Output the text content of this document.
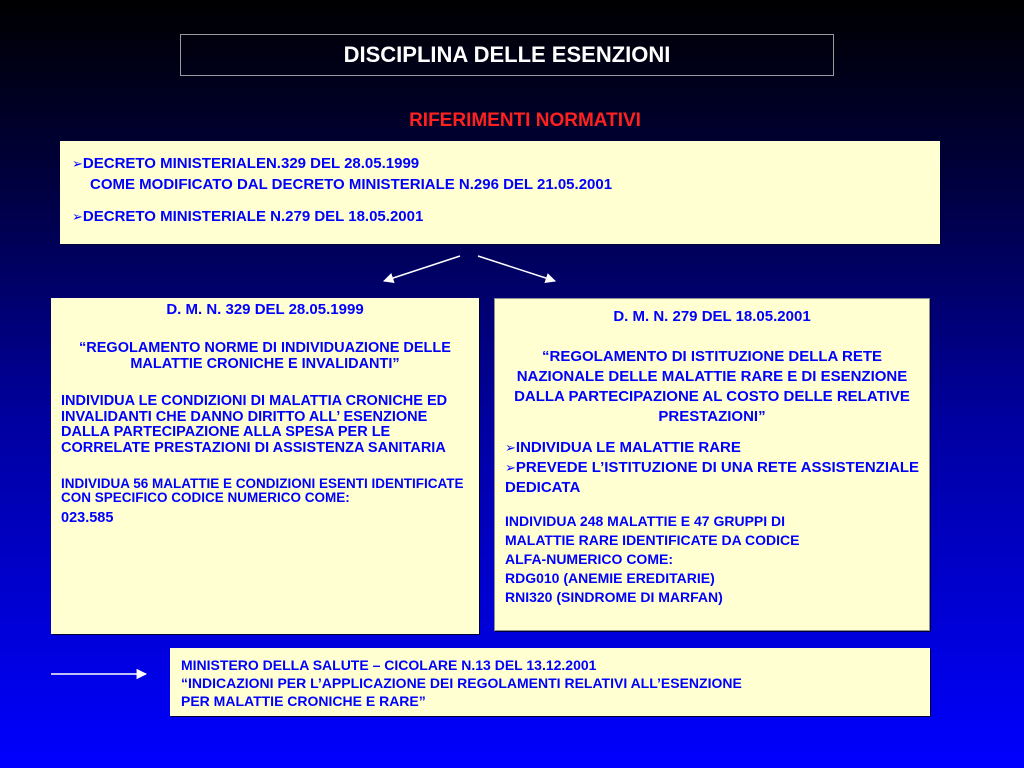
DISCIPLINA DELLE ESENZIONI
RIFERIMENTI NORMATIVI
➢DECRETO MINISTERIALEN.329 DEL 28.05.1999
COME MODIFICATO DAL DECRETO MINISTERIALE N.296 DEL 21.05.2001
➢DECRETO MINISTERIALE N.279 DEL 18.05.2001
D. M. N. 329 DEL 28.05.1999
“REGOLAMENTO NORME DI INDIVIDUAZIONE DELLE MALATTIE CRONICHE E INVALIDANTI”
INDIVIDUA LE CONDIZIONI DI MALATTIA CRONICHE ED INVALIDANTI CHE DANNO DIRITTO ALL’ ESENZIONE DALLA PARTECIPAZIONE ALLA SPESA PER LE CORRELATE PRESTAZIONI DI ASSISTENZA SANITARIA
INDIVIDUA 56 MALATTIE E CONDIZIONI ESENTI IDENTIFICATE CON SPECIFICO CODICE NUMERICO COME:
023.585
D. M. N. 279 DEL 18.05.2001
“REGOLAMENTO DI ISTITUZIONE DELLA RETE NAZIONALE DELLE MALATTIE RARE E DI ESENZIONE DALLA PARTECIPAZIONE AL COSTO DELLE RELATIVE PRESTAZIONI”
➢INDIVIDUA LE MALATTIE RARE
➢PREVEDE L’ISTITUZIONE DI UNA RETE ASSISTENZIALE DEDICATA
INDIVIDUA 248 MALATTIE E 47 GRUPPI DI
MALATTIE RARE IDENTIFICATE DA CODICE
ALFA-NUMERICO COME:
RDG010 (ANEMIE EREDITARIE)
RNI320 (SINDROME DI MARFAN)
MINISTERO DELLA SALUTE – CICOLARE N.13 DEL 13.12.2001
“INDICAZIONI PER L’APPLICAZIONE DEI REGOLAMENTI RELATIVI ALL’ESENZIONE
PER MALATTIE CRONICHE E RARE”
